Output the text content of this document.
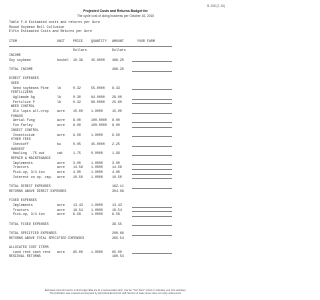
B-158 (2-16)
Projected Costs and Returns Budget for
The cycle cost of doing business per October 16, 2015
Table F-8 Estimated costs and returns per Acre
Round Soybean Boll Collusion
Elfin Estimated Costs and Returns per Acre

ITEM

	UNIT

PRICE

QUANTITY

AMOUNT

	YOUR FARM

Dollars

	Dollars

INCOME
Soy soybean	bushel 10.36 45.0000 466.20
TOTAL INCOME	466.20
DIRECT EXPENSES
SEED
Seed soybeans Pine	lb	0.32	55.0000 8.43
FERTILIZERS
Aglimade Ag	lb	0.30	84.0000 28.00
Fertilize P	lb	0.32	80.0000 25.60
WEED CONTROL
Glo lupin all-crop	acre 15.00 1.0000	15.00
FUNGUS
Aerial Fung	acre 8.00	100.0000 8.00
Fun Farley	acre 8.00	100.0000 8.00
INSECT CONTROL
Insecticide	acre 9.50	1.0000	9.50
OTHER FEES
Checkoff	bu	0.05	45.0000 2.25
HARVEST
Hauling  .75 cwt	cwt	1.75	0.0000	1.99
REPAIR & MAINTENANCE
Implements	acre 3.00	1.0000	3.00
Tractors	acre 14.58 1.0000	14.58
Pick-up, 3/4 ton	acre 4.00	1.0000	4.00
Interest on op. cap. acre 10.50 1.0000	10.50
TOTAL DIRECT EXPENSES	162.11
RETURNS ABOVE DIRECT EXPENSES	304.09
FIXED EXPENSES
Implements	acre 13.43 1.0000	13.43
Tractors	acre 18.54 1.0000	18.54
Pick-up, 3/4 ton	acre 6.58	1.0000	6.58
TOTAL FIXED EXPENSES	38.55
TOTAL SPECIFIED EXPENSES	200.66
RETURNS ABOVE TOTAL SPECIFIED EXPENSES	265.54
ALLOCATED COST ITEMS
Land rent cash rent acre 85.00 1.0000	85.00
RESIDUAL RETURNS	180.54
Estimated costs and returns in this budget table are for a representative farm. Use the "Your Farm" column to calculate your own estimates.
This publication was reviewed and prepared by Agricultural Economics staff. Mention of trade names does not imply endorsement.
